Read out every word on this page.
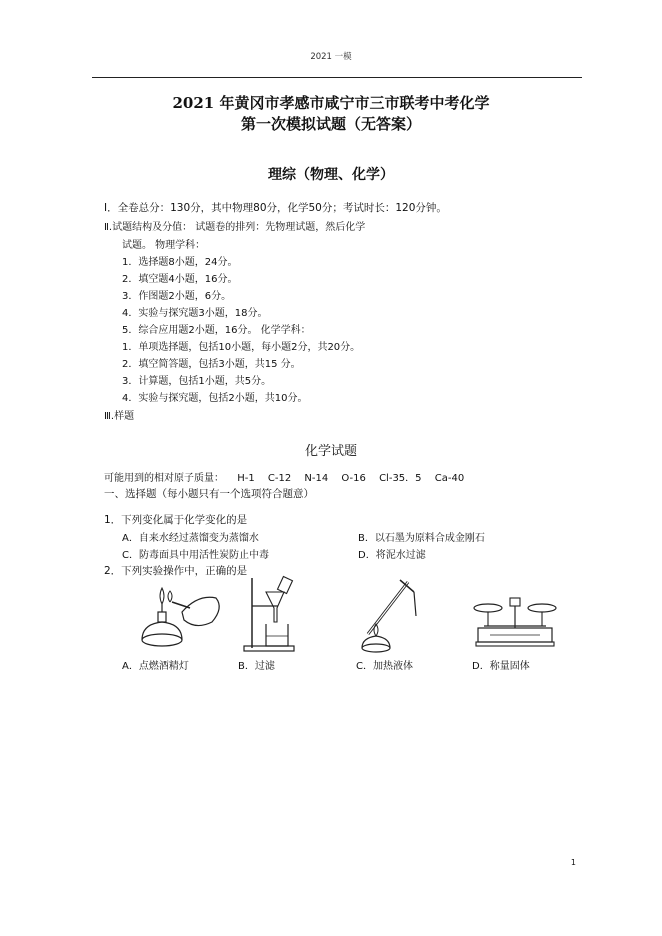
2021 一模
2021 年黄冈市孝感市咸宁市三市联考中考化学
第一次模拟试题（无答案）
理综（物理、化学）
Ⅰ．全卷总分：130分，其中物理80分，化学50分；考试时长：120分钟。
Ⅱ.试题结构及分值： 试题卷的排列：先物理试题，然后化学
试题。 物理学科：
1．选择题8小题，24分。
2．填空题4小题，16分。
3．作图题2小题，6分。
4．实验与探究题3小题，18分。
5．综合应用题2小题，16分。 化学学科：
1．单项选择题，包括10小题，每小题2分，共20分。
2．填空简答题，包括3小题，共15 分。
3．计算题，包括1小题，共5分。
4．实验与探究题，包括2小题，共10分。
Ⅲ.样题
化学试题
可能用到的相对原子质量： H-1 C-12 N-14 O-16 Cl-35．5 Ca-40
一、选择题（每小题只有一个选项符合题意）
1．下列变化属于化学变化的是
A．自来水经过蒸馏变为蒸馏水	B．以石墨为原料合成金刚石
C．防毒面具中用活性炭防止中毒	D．将泥水过滤
2．下列实验操作中，正确的是
A．点燃酒精灯	B．过滤	C．加热液体	D．称量固体
1
